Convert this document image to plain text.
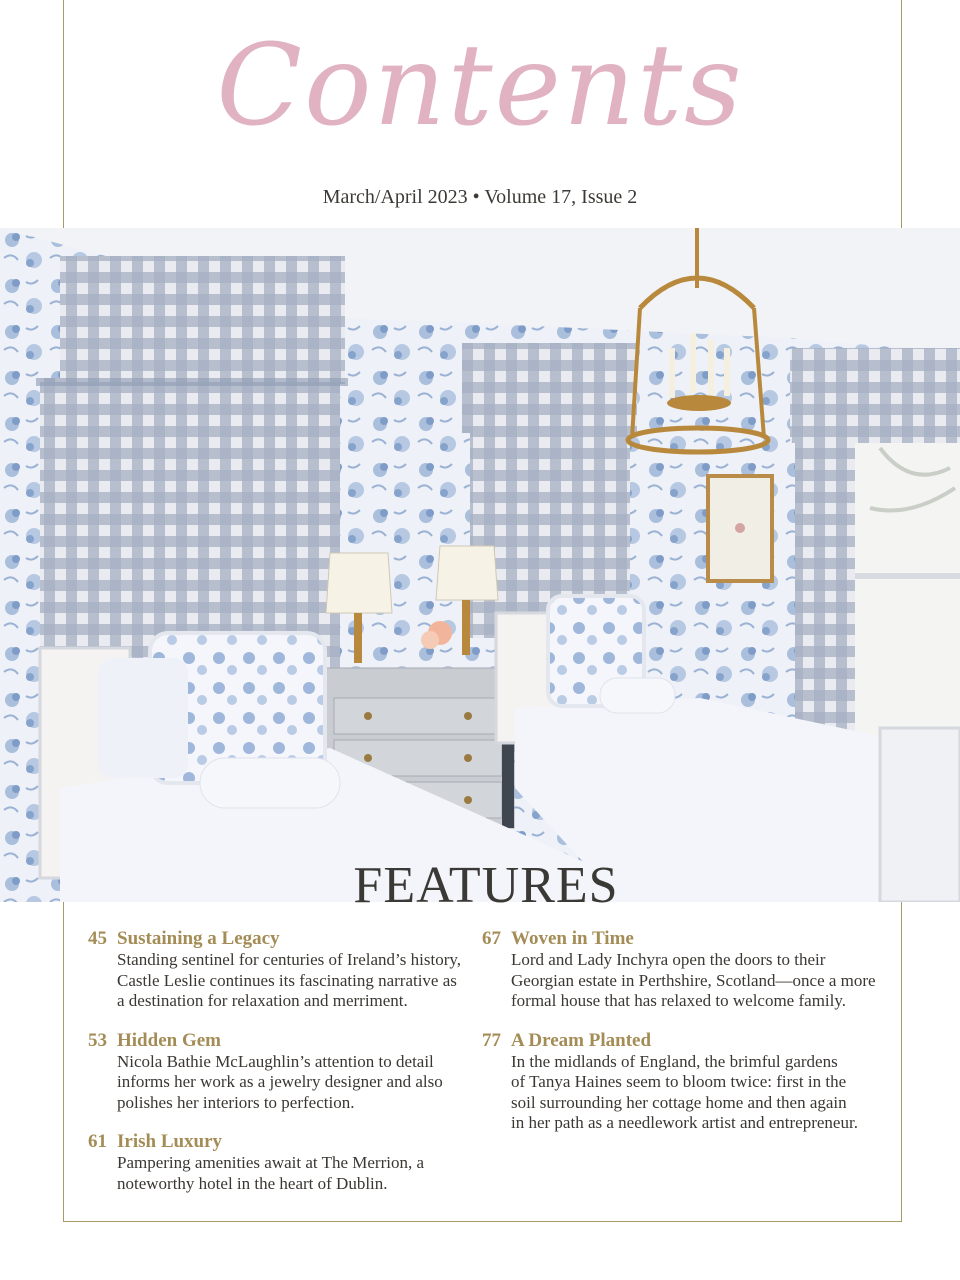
Contents
March/April 2023 • Volume 17, Issue 2
FEATURES
45 Sustaining a Legacy
Standing sentinel for centuries of Ireland’s history,
Castle Leslie continues its fascinating narrative as
a destination for relaxation and merriment.
53 Hidden Gem
Nicola Bathie McLaughlin’s attention to detail
informs her work as a jewelry designer and also
polishes her interiors to perfection.
61 Irish Luxury
Pampering amenities await at The Merrion, a
noteworthy hotel in the heart of Dublin.
67 Woven in Time
Lord and Lady Inchyra open the doors to their
Georgian estate in Perthshire, Scotland—once a more
formal house that has relaxed to welcome family.
77 A Dream Planted
In the midlands of England, the brimful gardens
of Tanya Haines seem to bloom twice: first in the
soil surrounding her cottage home and then again
in her path as a needlework artist and entrepreneur.
